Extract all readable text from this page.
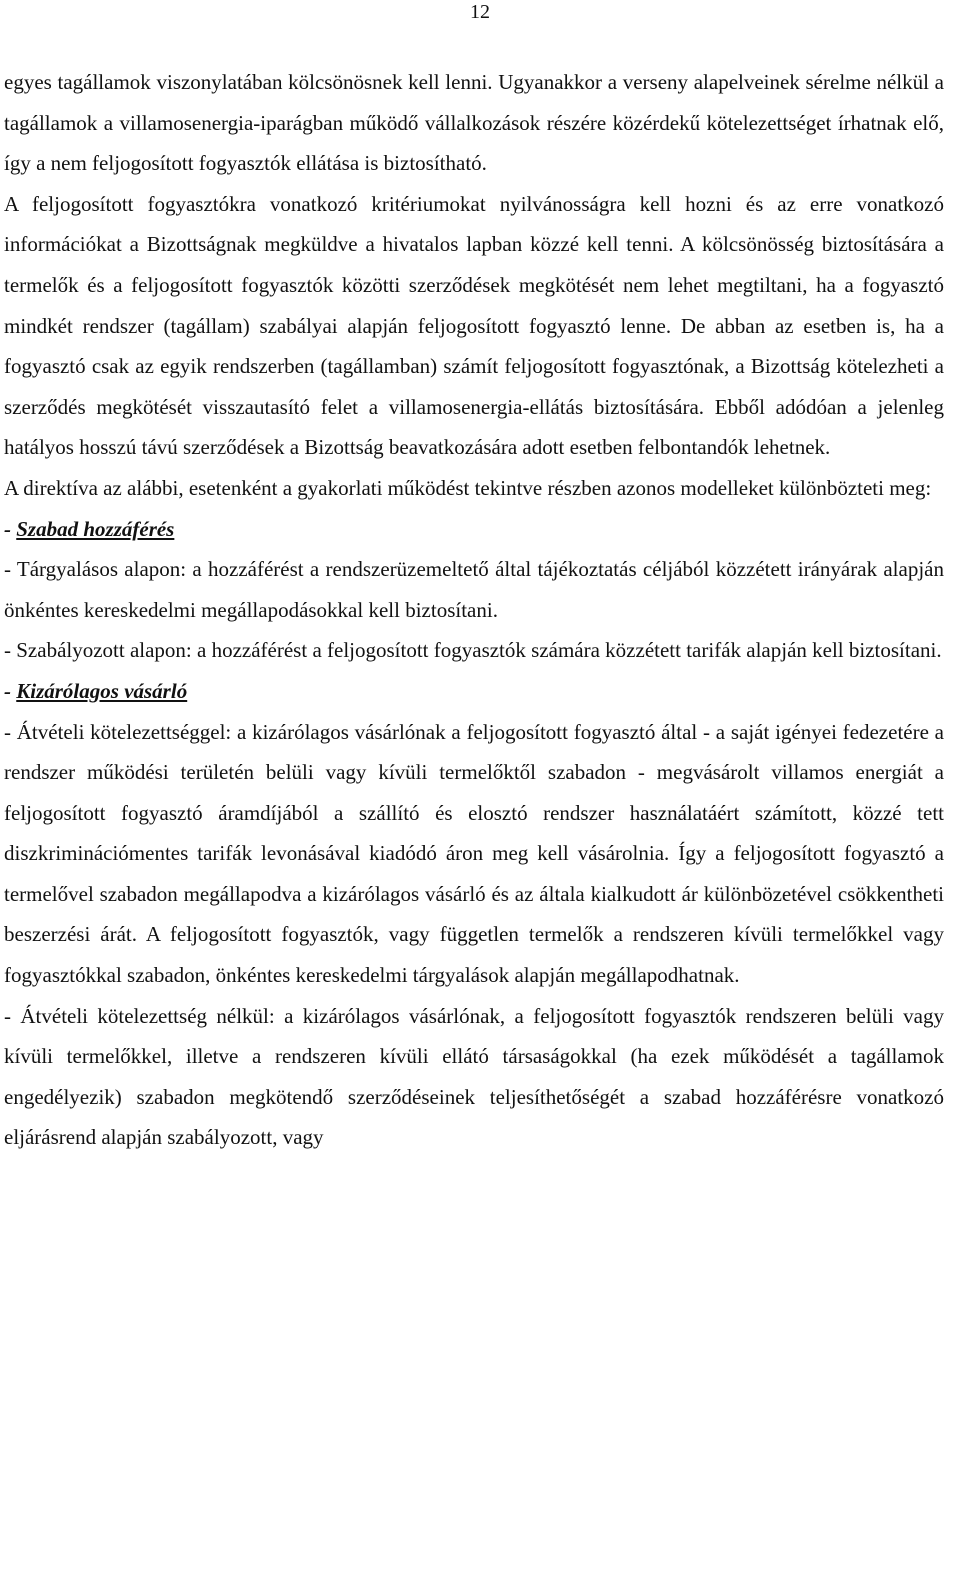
12

egyes tagállamok viszonylatában kölcsönösnek kell lenni. Ugyanakkor a verseny alapelveinek sérelme nélkül a tagállamok a villamosenergia-iparágban működő vállalkozások részére közérdekű kötelezettséget írhatnak elő, így a nem feljogosított fogyasztók ellátása is biztosítható.

A feljogosított fogyasztókra vonatkozó kritériumokat nyilvánosságra kell hozni és az erre vonatkozó információkat a Bizottságnak megküldve a hivatalos lapban közzé kell tenni. A kölcsönösség biztosítására a termelők és a feljogosított fogyasztók közötti szerződések megkötését nem lehet megtiltani, ha a fogyasztó mindkét rendszer (tagállam) szabályai alapján feljogosított fogyasztó lenne. De abban az esetben is, ha a fogyasztó csak az egyik rendszerben (tagállamban) számít feljogosított fogyasztónak, a Bizottság kötelezheti a szerződés megkötését visszautasító felet a villamosenergia-ellátás biztosítására. Ebből adódóan a jelenleg hatályos hosszú távú szerződések a Bizottság beavatkozására adott esetben felbontandók lehetnek.

A direktíva az alábbi, esetenként a gyakorlati működést tekintve részben azonos modelleket különbözteti meg:

- Szabad hozzáférés

- Tárgyalásos alapon: a hozzáférést a rendszerüzemeltető által tájékoztatás céljából közzétett irányárak alapján önkéntes kereskedelmi megállapodásokkal kell biztosítani.

- Szabályozott alapon: a hozzáférést a feljogosított fogyasztók számára közzétett tarifák alapján kell biztosítani.

- Kizárólagos vásárló

- Átvételi kötelezettséggel: a kizárólagos vásárlónak a feljogosított fogyasztó által - a saját igényei fedezetére a rendszer működési területén belüli vagy kívüli termelőktől szabadon - megvásárolt villamos energiát a feljogosított fogyasztó áramdíjából a szállító és elosztó rendszer használatáért számított, közzé tett diszkriminációmentes tarifák levonásával kiadódó áron meg kell vásárolnia. Így a feljogosított fogyasztó a termelővel szabadon megállapodva a kizárólagos vásárló és az általa kialkudott ár különbözetével csökkentheti beszerzési árát. A feljogosított fogyasztók, vagy független termelők a rendszeren kívüli termelőkkel vagy fogyasztókkal szabadon, önkéntes kereskedelmi tárgyalások alapján megállapodhatnak.

- Átvételi kötelezettség nélkül: a kizárólagos vásárlónak, a feljogosított fogyasztók rendszeren belüli vagy kívüli termelőkkel, illetve a rendszeren kívüli ellátó társaságokkal (ha ezek működését a tagállamok engedélyezik) szabadon megkötendő szerződéseinek teljesíthetőségét a szabad hozzáférésre vonatkozó eljárásrend alapján szabályozott, vagy
